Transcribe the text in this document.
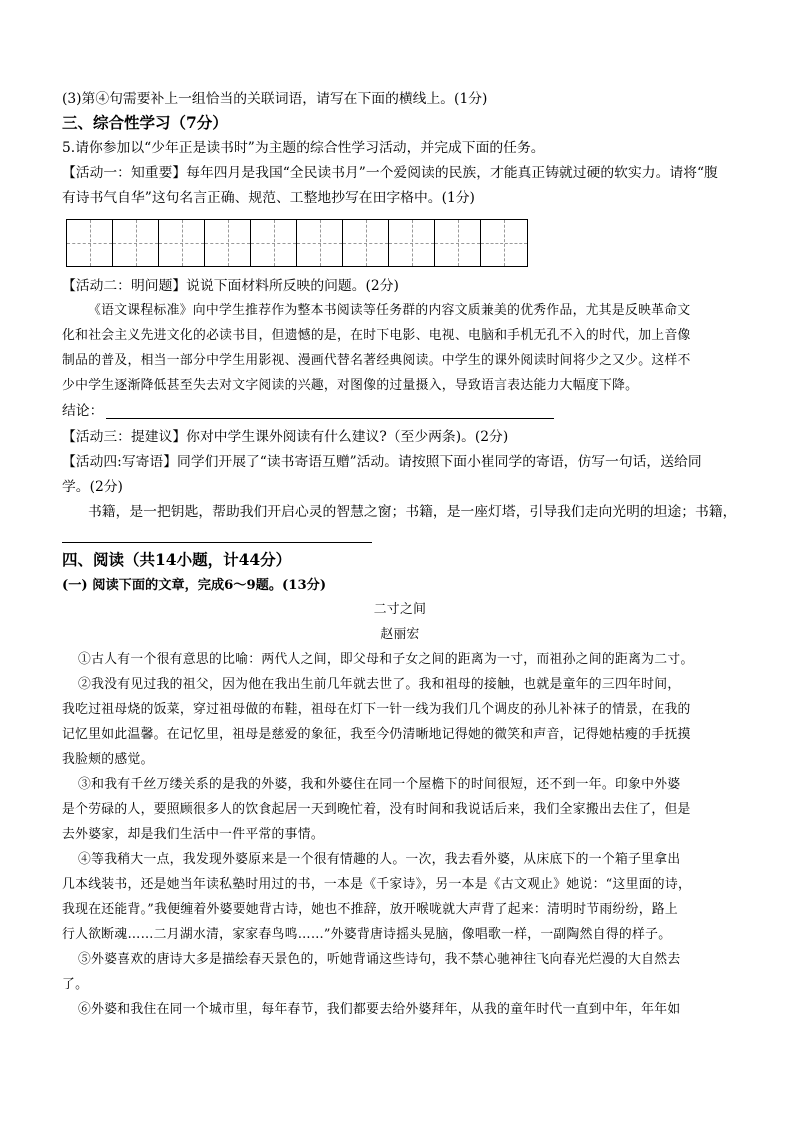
(3)第④句需要补上一组恰当的关联词语，请写在下面的横线上。(1分)
三、综合性学习（7分）
5.请你参加以“少年正是读书时”为主题的综合性学习活动，并完成下面的任务。
【活动一：知重要】每年四月是我国“全民读书月”一个爱阅读的民族，才能真正铸就过硬的软实力。请将“腹
有诗书气自华”这句名言正确、规范、工整地抄写在田字格中。(1分)
【活动二：明问题】说说下面材料所反映的问题。(2分)
《语文课程标准》向中学生推荐作为整本书阅读等任务群的内容文质兼美的优秀作品，尤其是反映革命文
化和社会主义先进文化的必读书目，但遗憾的是，在时下电影、电视、电脑和手机无孔不入的时代，加上音像
制品的普及，相当一部分中学生用影视、漫画代替名著经典阅读。中学生的课外阅读时间将少之又少。这样不
少中学生逐渐降低甚至失去对文字阅读的兴趣，对图像的过量摄入，导致语言表达能力大幅度下降。
结论：
【活动三：提建议】你对中学生课外阅读有什么建议?（至少两条)。(2分)
【活动四:写寄语】同学们开展了“读书寄语互赠”活动。请按照下面小崔同学的寄语，仿写一句话，送给同
学。(2分)
书籍，是一把钥匙，帮助我们开启心灵的智慧之窗；书籍，是一座灯塔，引导我们走向光明的坦途；书籍，
四、阅读（共14小题，计44分）
(一) 阅读下面的文章，完成6～9题。(13分)
二寸之间
赵丽宏
①古人有一个很有意思的比喻：两代人之间，即父母和子女之间的距离为一寸，而祖孙之间的距离为二寸。
②我没有见过我的祖父，因为他在我出生前几年就去世了。我和祖母的接触，也就是童年的三四年时间，
我吃过祖母烧的饭菜，穿过祖母做的布鞋，祖母在灯下一针一线为我们几个调皮的孙儿补袜子的情景，在我的
记忆里如此温馨。在记忆里，祖母是慈爱的象征，我至今仍清晰地记得她的微笑和声音，记得她枯瘦的手抚摸
我脸颊的感觉。
③和我有千丝万缕关系的是我的外婆，我和外婆住在同一个屋檐下的时间很短，还不到一年。印象中外婆
是个劳碌的人，要照顾很多人的饮食起居一天到晚忙着，没有时间和我说话后来，我们全家搬出去住了，但是
去外婆家，却是我们生活中一件平常的事情。
④等我稍大一点，我发现外婆原来是一个很有情趣的人。一次，我去看外婆，从床底下的一个箱子里拿出
几本线装书，还是她当年读私塾时用过的书，一本是《千家诗》，另一本是《古文观止》她说：“这里面的诗，
我现在还能背。”我便缠着外婆要她背古诗，她也不推辞，放开喉咙就大声背了起来：清明时节雨纷纷，路上
行人欲断魂……二月湖水清，家家春鸟鸣……”外婆背唐诗摇头晃脑，像唱歌一样，一副陶然自得的样子。
⑤外婆喜欢的唐诗大多是描绘春天景色的，听她背诵这些诗句，我不禁心驰神往飞向春光烂漫的大自然去
了。
⑥外婆和我住在同一个城市里，每年春节，我们都要去给外婆拜年，从我的童年时代一直到中年，年年如
